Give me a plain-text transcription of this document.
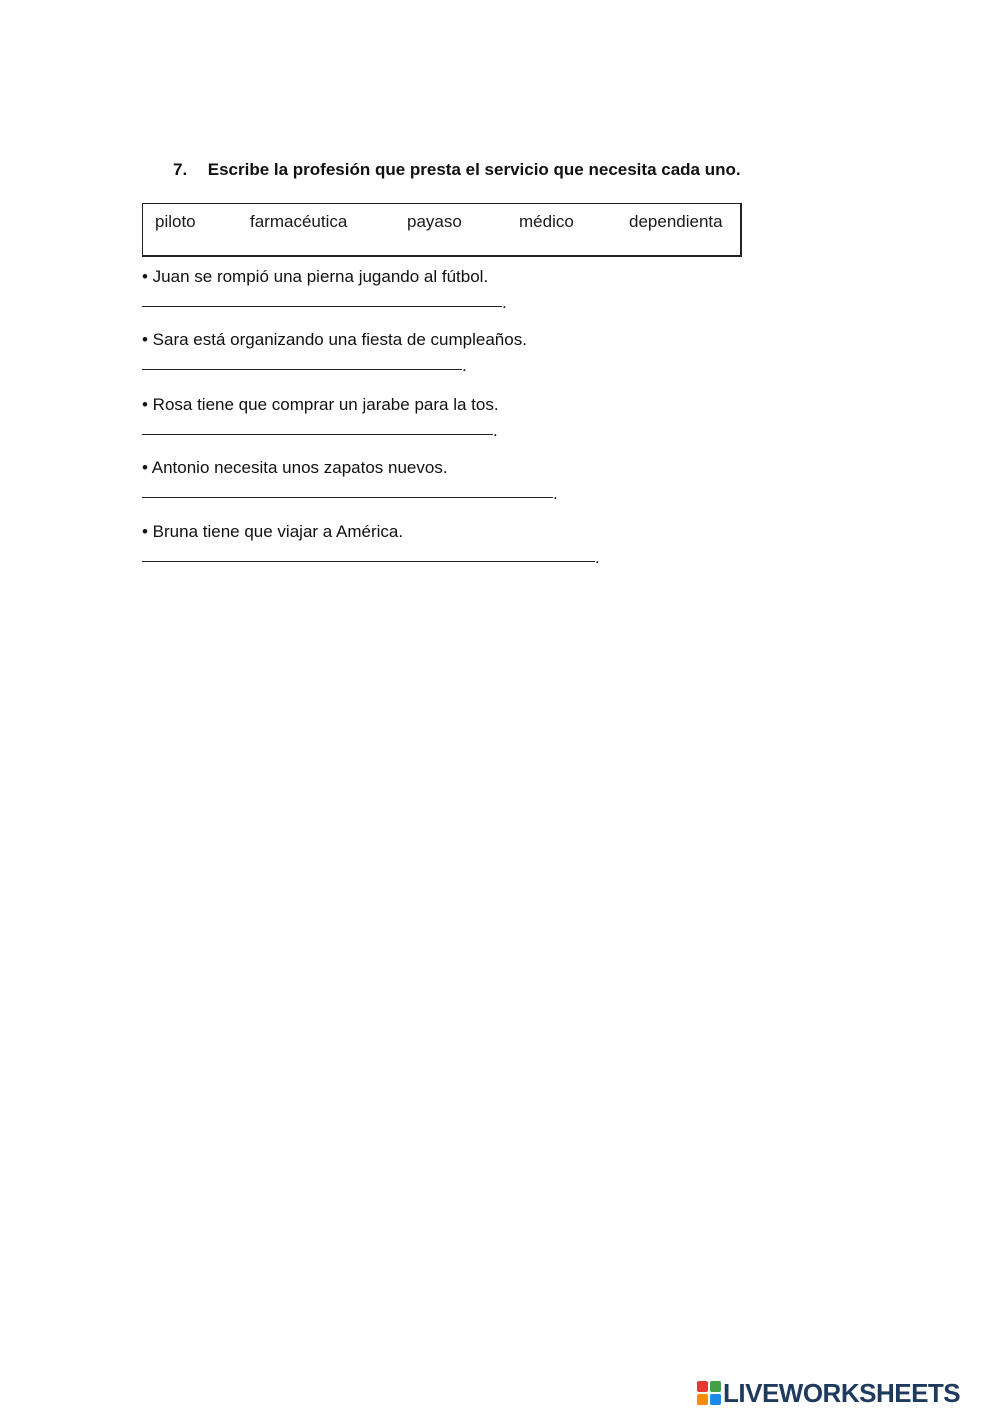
7. Escribe la profesión que presta el servicio que necesita cada uno.
piloto	farmacéutica	payaso	médico	dependienta

• Juan se rompió una pierna jugando al fútbol.

.

• Sara está organizando una fiesta de cumpleaños.

.

• Rosa tiene que comprar un jarabe para la tos.

.

• Antonio necesita unos zapatos nuevos.

.

• Bruna tiene que viajar a América.

.
LIVEWORKSHEETS
